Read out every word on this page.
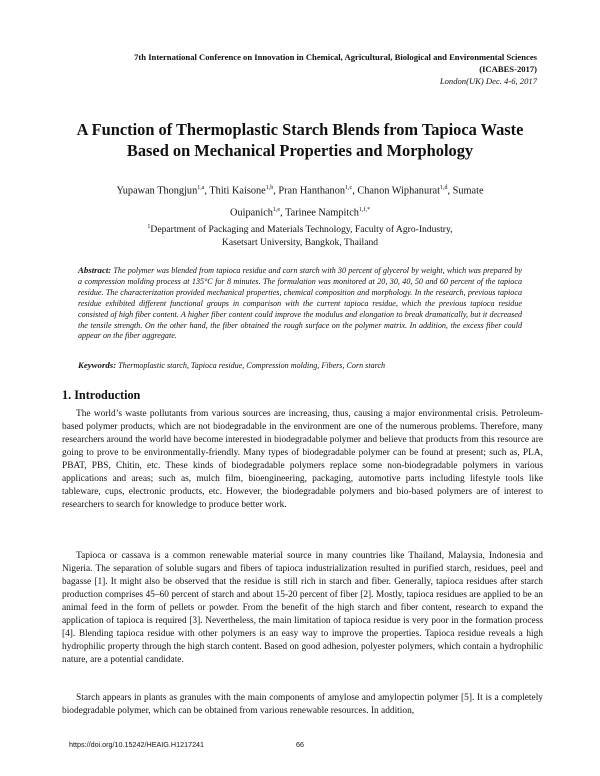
7th International Conference on Innovation in Chemical, Agricultural, Biological and Environmental Sciences
(ICABES-2017)
London(UK) Dec. 4-6, 2017
A Function of Thermoplastic Starch Blends from Tapioca Waste
Based on Mechanical Properties and Morphology
Yupawan Thongjun$^{1,a}$, Thiti Kaisone$^{1,b}$, Pran Hanthanon$^{1,c}$, Chanon Wiphanurat$^{1,d}$, Sumate
Ouipanich$^{1,e}$, Tarinee Nampitch$^{1,f,*}$
$^1$Department of Packaging and Materials Technology, Faculty of Agro-Industry,
Kasetsart University, Bangkok, Thailand
Abstract: The polymer was blended from tapioca residue and corn starch with 30 percent of glycerol by weight, which was prepared by a compression molding process at 135°C for 8 minutes. The formulation was monitored at 20, 30, 40, 50 and 60 percent of the tapioca residue. The characterization provided mechanical properties, chemical composition and morphology. In the research, previous tapioca residue exhibited different functional groups in comparison with the current tapioca residue, which the previous tapioca residue consisted of high fiber content. A higher fiber content could improve the modulus and elongation to break dramatically, but it decreased the tensile strength. On the other hand, the fiber obtained the rough surface on the polymer matrix. In addition, the excess fiber could appear on the fiber aggregate.
Keywords: Thermoplastic starch, Tapioca residue, Compression molding, Fibers, Corn starch
1. Introduction

The world’s waste pollutants from various sources are increasing, thus, causing a major environmental crisis. Petroleum-based polymer products, which are not biodegradable in the environment are one of the numerous problems. Therefore, many researchers around the world have become interested in biodegradable polymer and believe that products from this resource are going to prove to be environmentally-friendly. Many types of biodegradable polymer can be found at present; such as, PLA, PBAT, PBS, Chitin, etc. These kinds of biodegradable polymers replace some non-biodegradable polymers in various applications and areas; such as, mulch film, bioengineering, packaging, automotive parts including lifestyle tools like tableware, cups, electronic products, etc. However, the biodegradable polymers and bio-based polymers are of interest to researchers to search for knowledge to produce better work.

Tapioca or cassava is a common renewable material source in many countries like Thailand, Malaysia, Indonesia and Nigeria. The separation of soluble sugars and fibers of tapioca industrialization resulted in purified starch, residues, peel and bagasse [1]. It might also be observed that the residue is still rich in starch and fiber. Generally, tapioca residues after starch production comprises 45–60 percent of starch and about 15-20 percent of fiber [2]. Mostly, tapioca residues are applied to be an animal feed in the form of pellets or powder. From the benefit of the high starch and fiber content, research to expand the application of tapioca is required [3]. Nevertheless, the main limitation of tapioca residue is very poor in the formation process [4]. Blending tapioca residue with other polymers is an easy way to improve the properties. Tapioca residue reveals a high hydrophilic property through the high starch content. Based on good adhesion, polyester polymers, which contain a hydrophilic nature, are a potential candidate.

Starch appears in plants as granules with the main components of amylose and amylopectin polymer [5]. It is a completely biodegradable polymer, which can be obtained from various renewable resources. In addition,

https://doi.org/10.15242/HEAIG.H1217241	66
